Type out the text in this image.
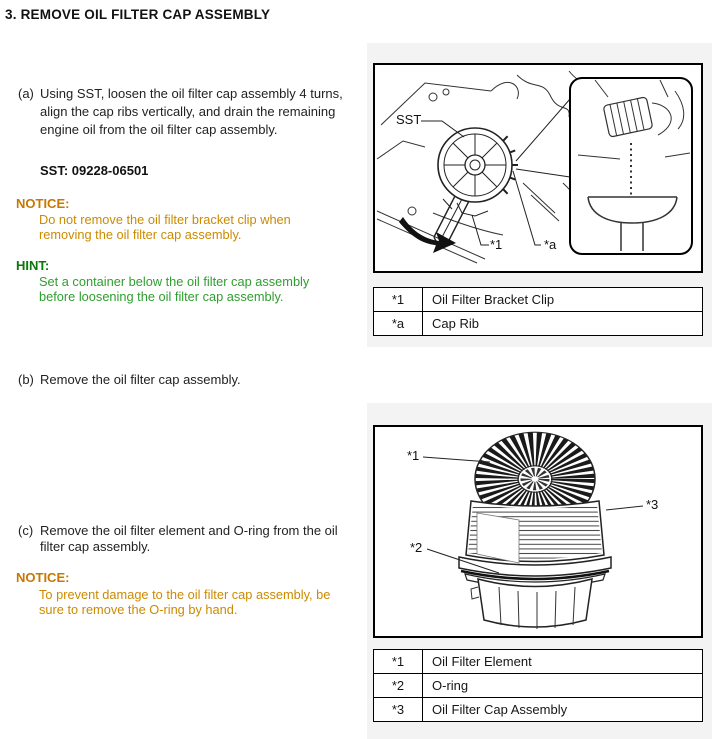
3. REMOVE OIL FILTER CAP ASSEMBLY
(a) Using SST, loosen the oil filter cap assembly 4 turns, align the cap ribs vertically, and drain the remaining engine oil from the oil filter cap assembly.
SST: 09228-06501
NOTICE:
Do not remove the oil filter bracket clip when removing the oil filter cap assembly.
HINT:
Set a container below the oil filter cap assembly before loosening the oil filter cap assembly.
(b) Remove the oil filter cap assembly.
(c) Remove the oil filter element and O-ring from the oil filter cap assembly.
NOTICE:
To prevent damage to the oil filter cap assembly, be sure to remove the O-ring by hand.
SST
*1	*a
*1	Oil Filter Bracket Clip
*a	Cap Rib
*1
*2
*3
*1	Oil Filter Element
*2	O-ring
*3	Oil Filter Cap Assembly
